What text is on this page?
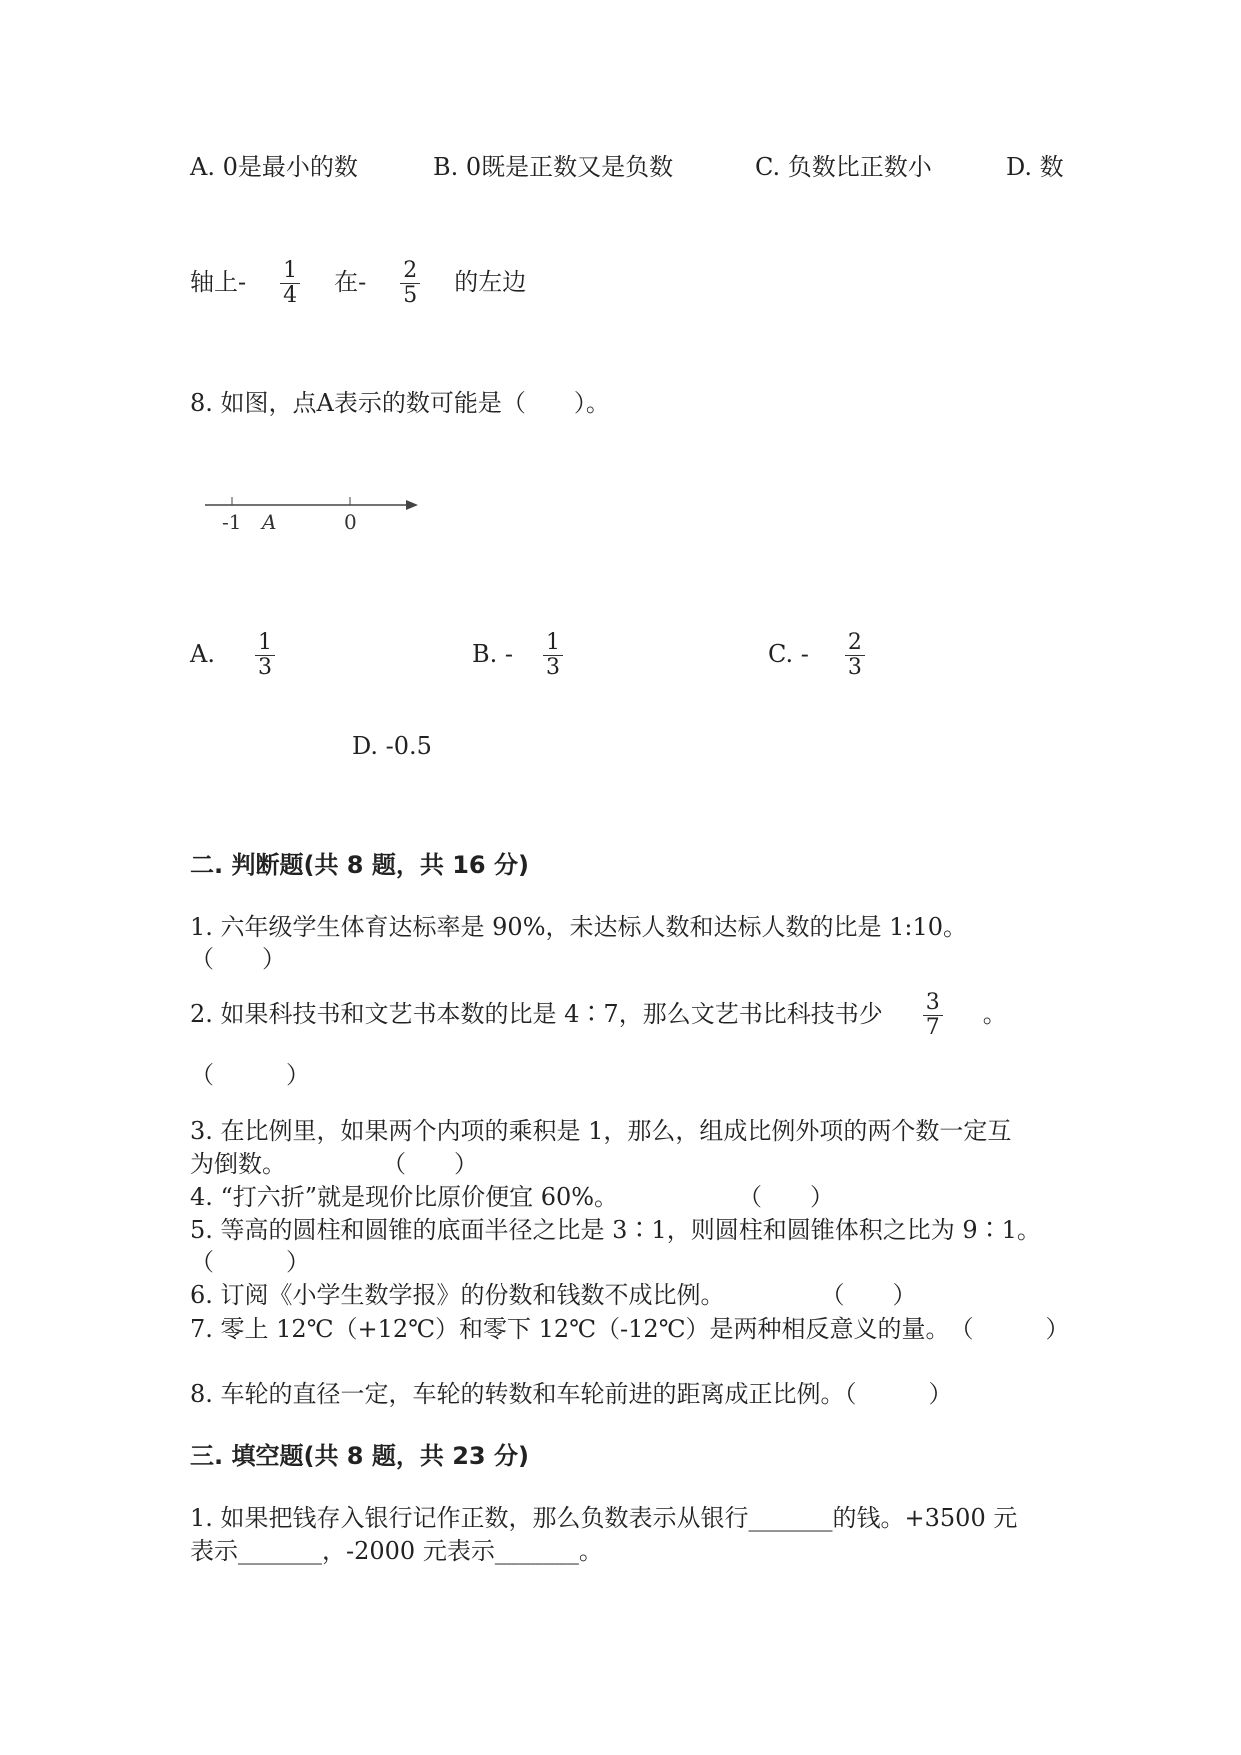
A. 0是最小的数	B. 0既是正数又是负数	C. 负数比正数小	D. 数
轴上- $\frac{1}{4}$ 在- $\frac{2}{5}$ 的左边
8. 如图，点A表示的数可能是（　　）。
-1 A	0
A. $\frac{1}{3}$	B. - $\frac{1}{3}$	C. - $\frac{2}{3}$
D. -0.5
二. 判断题(共 8 题，共 16 分)
1. 六年级学生体育达标率是 90%，未达标人数和达标人数的比是 1:10。
（　　）
2. 如果科技书和文艺书本数的比是 4∶7，那么文艺书比科技书少 $\frac{3}{7}$ 。
（　　　）
3. 在比例里，如果两个内项的乘积是 1，那么，组成比例外项的两个数一定互
为倒数。　　　　　（　　）
4. “打六折”就是现价比原价便宜 60%。　　　　　　（　　）
5. 等高的圆柱和圆锥的底面半径之比是 3∶1，则圆柱和圆锥体积之比为 9∶1。
（　　　）
6. 订阅《小学生数学报》的份数和钱数不成比例。　　　　　（　　）
7. 零上 12℃（+12℃）和零下 12℃（-12℃）是两种相反意义的量。　（　　　）
8. 车轮的直径一定，车轮的转数和车轮前进的距离成正比例。（　　　）
三. 填空题(共 8 题，共 23 分)
1. 如果把钱存入银行记作正数，那么负数表示从银行_______的钱。+3500 元
表示_______，-2000 元表示_______。
